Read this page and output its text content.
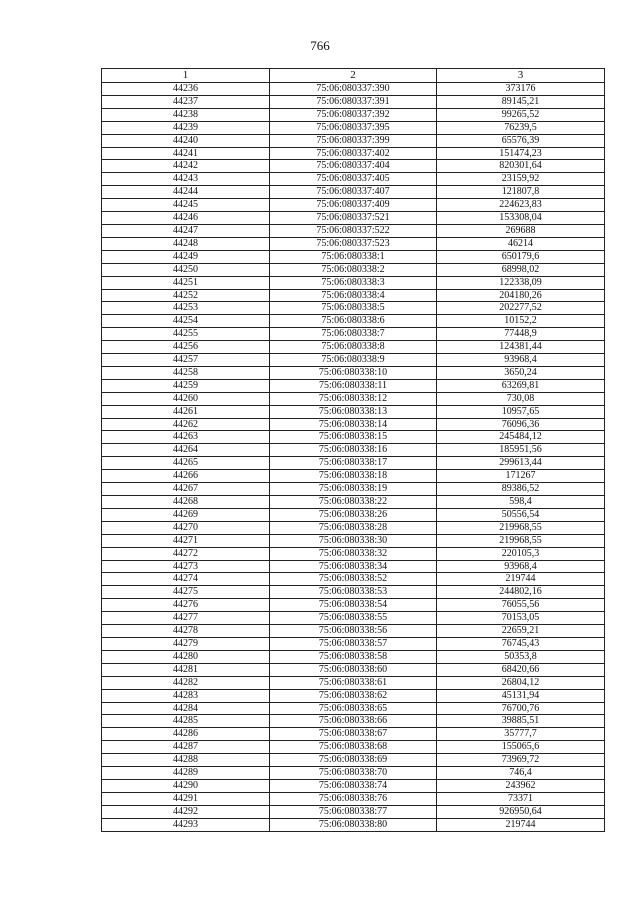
766
1	2	3
44236	75:06:080337:390	373176
44237	75:06:080337:391	89145,21
44238	75:06:080337:392	99265,52
44239	75:06:080337:395	76239,5
44240	75:06:080337:399	65576,39
44241	75:06:080337:402	151474,23
44242	75:06:080337:404	820301,64
44243	75:06:080337:405	23159,92
44244	75:06:080337:407	121807,8
44245	75:06:080337:409	224623,83
44246	75:06:080337:521	153308,04
44247	75:06:080337:522	269688
44248	75:06:080337:523	46214
44249	75:06:080338:1	650179,6
44250	75:06:080338:2	68998,02
44251	75:06:080338:3	122338,09
44252	75:06:080338:4	204180,26
44253	75:06:080338:5	202277,52
44254	75:06:080338:6	10152,2
44255	75:06:080338:7	77448,9
44256	75:06:080338:8	124381,44
44257	75:06:080338:9	93968,4
44258	75:06:080338:10	3650,24
44259	75:06:080338:11	63269,81
44260	75:06:080338:12	730,08
44261	75:06:080338:13	10957,65
44262	75:06:080338:14	76096,36
44263	75:06:080338:15	245484,12
44264	75:06:080338:16	185951,56
44265	75:06:080338:17	299613,44
44266	75:06:080338:18	171267
44267	75:06:080338:19	89386,52
44268	75:06:080338:22	598,4
44269	75:06:080338:26	50556,54
44270	75:06:080338:28	219968,55
44271	75:06:080338:30	219968,55
44272	75:06:080338:32	220105,3
44273	75:06:080338:34	93968,4
44274	75:06:080338:52	219744
44275	75:06:080338:53	244802,16
44276	75:06:080338:54	76055,56
44277	75:06:080338:55	70153,05
44278	75:06:080338:56	22659,21
44279	75:06:080338:57	76745,43
44280	75:06:080338:58	50353,8
44281	75:06:080338:60	68420,66
44282	75:06:080338:61	26804,12
44283	75:06:080338:62	45131,94
44284	75:06:080338:65	76700,76
44285	75:06:080338:66	39885,51
44286	75:06:080338:67	35777,7
44287	75:06:080338:68	155065,6
44288	75:06:080338:69	73969,72
44289	75:06:080338:70	746,4
44290	75:06:080338:74	243962
44291	75:06:080338:76	73371
44292	75:06:080338:77	926950,64
44293	75:06:080338:80	219744
